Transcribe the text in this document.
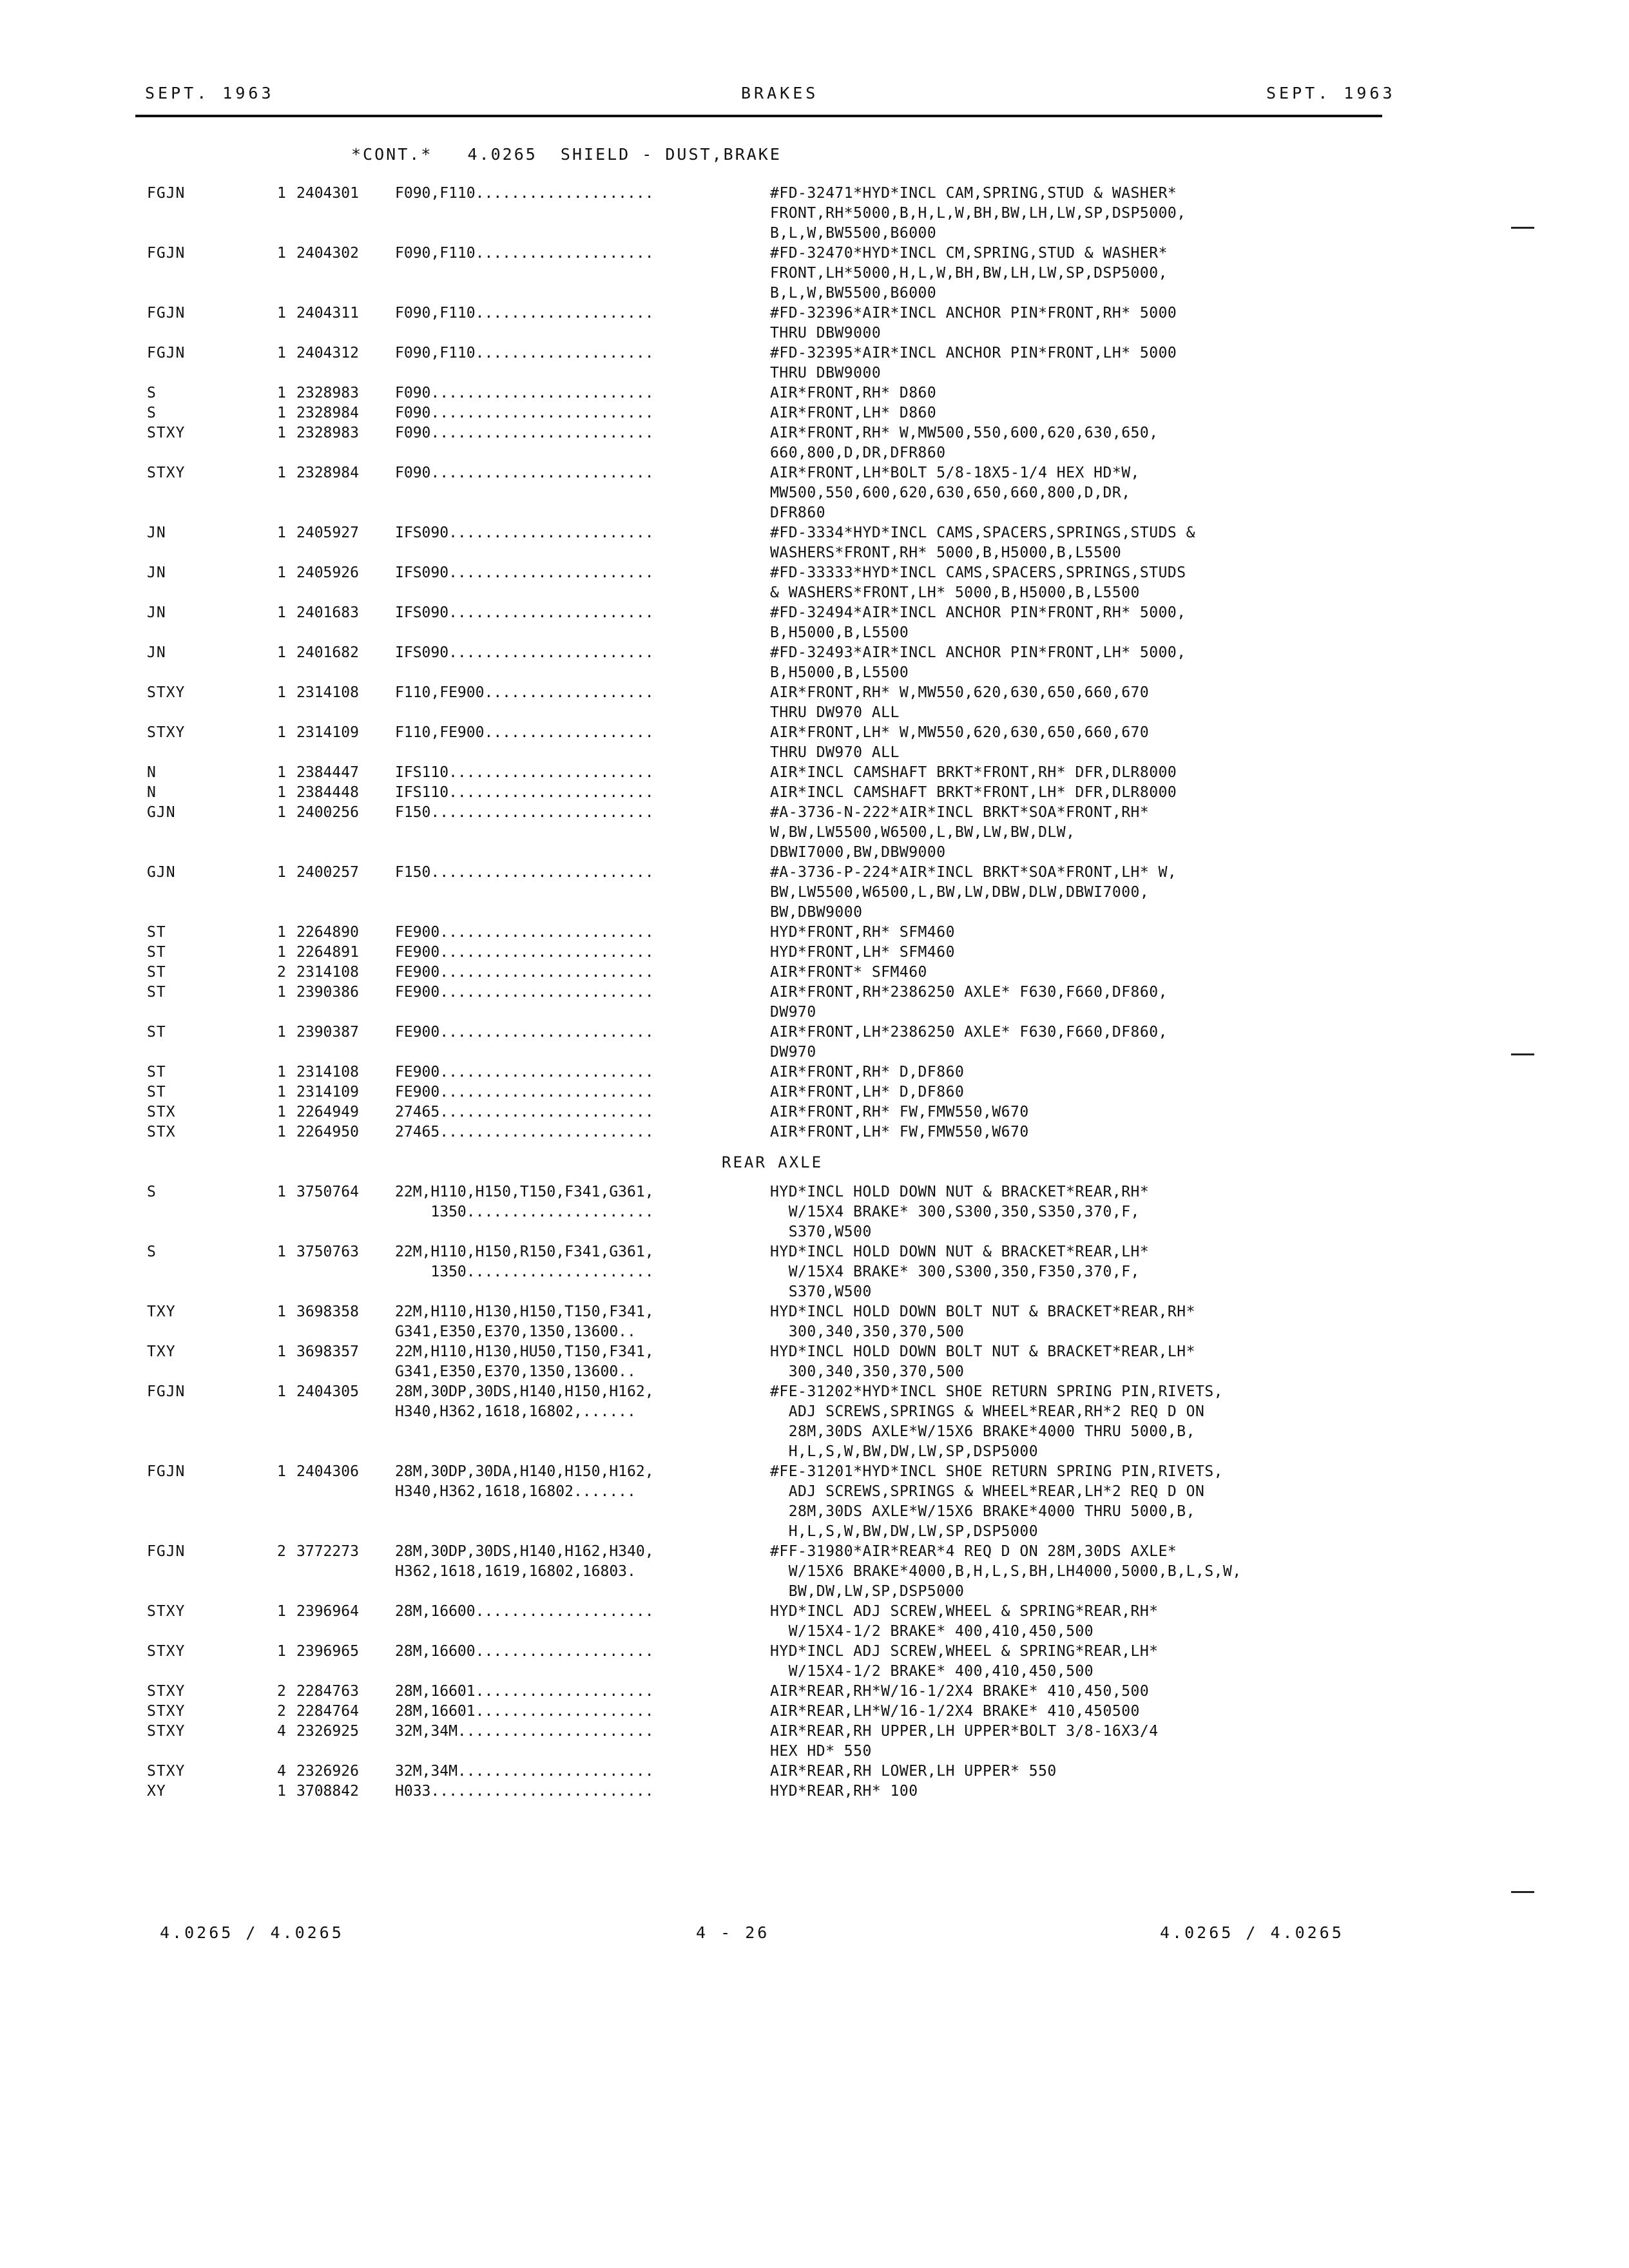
SEPT. 1963	BRAKES	SEPT. 1963
*CONT.*   4.0265  SHIELD - DUST,BRAKE
FGJN	1 2404301 F090,F110....................	#FD-32471*HYD*INCL CAM,SPRING,STUD & WASHER*
FRONT,RH*5000,B,H,L,W,BH,BW,LH,LW,SP,DSP5000,
B,L,W,BW5500,B6000
FGJN	1 2404302 F090,F110....................	#FD-32470*HYD*INCL CM,SPRING,STUD & WASHER*
FRONT,LH*5000,H,L,W,BH,BW,LH,LW,SP,DSP5000,
B,L,W,BW5500,B6000
FGJN	1 2404311 F090,F110....................	#FD-32396*AIR*INCL ANCHOR PIN*FRONT,RH* 5000
THRU DBW9000
FGJN	1 2404312 F090,F110....................	#FD-32395*AIR*INCL ANCHOR PIN*FRONT,LH* 5000
THRU DBW9000
S	1 2328983 F090.........................	AIR*FRONT,RH* D860
S	1 2328984 F090.........................	AIR*FRONT,LH* D860
STXY	1 2328983 F090.........................	AIR*FRONT,RH* W,MW500,550,600,620,630,650,
660,800,D,DR,DFR860
STXY	1 2328984 F090.........................	AIR*FRONT,LH*BOLT 5/8-18X5-1/4 HEX HD*W,
MW500,550,600,620,630,650,660,800,D,DR,
DFR860
JN	1 2405927 IFS090.......................	#FD-3334*HYD*INCL CAMS,SPACERS,SPRINGS,STUDS &
WASHERS*FRONT,RH* 5000,B,H5000,B,L5500
JN	1 2405926 IFS090.......................	#FD-33333*HYD*INCL CAMS,SPACERS,SPRINGS,STUDS
& WASHERS*FRONT,LH* 5000,B,H5000,B,L5500
JN	1 2401683 IFS090.......................	#FD-32494*AIR*INCL ANCHOR PIN*FRONT,RH* 5000,
B,H5000,B,L5500
JN	1 2401682 IFS090.......................	#FD-32493*AIR*INCL ANCHOR PIN*FRONT,LH* 5000,
B,H5000,B,L5500
STXY	1 2314108 F110,FE900...................	AIR*FRONT,RH* W,MW550,620,630,650,660,670
THRU DW970 ALL
STXY	1 2314109 F110,FE900...................	AIR*FRONT,LH* W,MW550,620,630,650,660,670
THRU DW970 ALL
N	1 2384447 IFS110.......................	AIR*INCL CAMSHAFT BRKT*FRONT,RH* DFR,DLR8000
N	1 2384448 IFS110.......................	AIR*INCL CAMSHAFT BRKT*FRONT,LH* DFR,DLR8000
GJN	1 2400256 F150.........................	#A-3736-N-222*AIR*INCL BRKT*SOA*FRONT,RH*
W,BW,LW5500,W6500,L,BW,LW,BW,DLW,
DBWI7000,BW,DBW9000
GJN	1 2400257 F150.........................	#A-3736-P-224*AIR*INCL BRKT*SOA*FRONT,LH* W,
BW,LW5500,W6500,L,BW,LW,DBW,DLW,DBWI7000,
BW,DBW9000
ST	1 2264890 FE900........................	HYD*FRONT,RH* SFM460
ST	1 2264891 FE900........................	HYD*FRONT,LH* SFM460
ST	2 2314108 FE900........................	AIR*FRONT* SFM460
ST	1 2390386 FE900........................	AIR*FRONT,RH*2386250 AXLE* F630,F660,DF860,
DW970
ST	1 2390387 FE900........................	AIR*FRONT,LH*2386250 AXLE* F630,F660,DF860,
DW970
ST	1 2314108 FE900........................	AIR*FRONT,RH* D,DF860
ST	1 2314109 FE900........................	AIR*FRONT,LH* D,DF860
STX	1 2264949 27465........................	AIR*FRONT,RH* FW,FMW550,W670
STX	1 2264950 27465........................	AIR*FRONT,LH* FW,FMW550,W670
REAR AXLE
S	1 3750764 22M,H110,H150,T150,F341,G361,	HYD*INCL HOLD DOWN NUT & BRACKET*REAR,RH*
1350.....................	W/15X4 BRAKE* 300,S300,350,S350,370,F,
S370,W500
S	1 3750763 22M,H110,H150,R150,F341,G361,	HYD*INCL HOLD DOWN NUT & BRACKET*REAR,LH*
1350.....................	W/15X4 BRAKE* 300,S300,350,F350,370,F,
S370,W500
TXY	1 3698358 22M,H110,H130,H150,T150,F341,	HYD*INCL HOLD DOWN BOLT NUT & BRACKET*REAR,RH*
G341,E350,E370,1350,13600..	300,340,350,370,500
TXY	1 3698357 22M,H110,H130,HU50,T150,F341,	HYD*INCL HOLD DOWN BOLT NUT & BRACKET*REAR,LH*
G341,E350,E370,1350,13600..	300,340,350,370,500
FGJN	1 2404305 28M,30DP,30DS,H140,H150,H162,	#FE-31202*HYD*INCL SHOE RETURN SPRING PIN,RIVETS,
H340,H362,1618,16802,......	ADJ SCREWS,SPRINGS & WHEEL*REAR,RH*2 REQ D ON
28M,30DS AXLE*W/15X6 BRAKE*4000 THRU 5000,B,
H,L,S,W,BW,DW,LW,SP,DSP5000
FGJN	1 2404306 28M,30DP,30DA,H140,H150,H162,	#FE-31201*HYD*INCL SHOE RETURN SPRING PIN,RIVETS,
H340,H362,1618,16802.......	ADJ SCREWS,SPRINGS & WHEEL*REAR,LH*2 REQ D ON
28M,30DS AXLE*W/15X6 BRAKE*4000 THRU 5000,B,
H,L,S,W,BW,DW,LW,SP,DSP5000
FGJN	2 3772273 28M,30DP,30DS,H140,H162,H340,	#FF-31980*AIR*REAR*4 REQ D ON 28M,30DS AXLE*
H362,1618,1619,16802,16803.	W/15X6 BRAKE*4000,B,H,L,S,BH,LH4000,5000,B,L,S,W,
BW,DW,LW,SP,DSP5000
STXY	1 2396964 28M,16600....................	HYD*INCL ADJ SCREW,WHEEL & SPRING*REAR,RH*
W/15X4-1/2 BRAKE* 400,410,450,500
STXY	1 2396965 28M,16600....................	HYD*INCL ADJ SCREW,WHEEL & SPRING*REAR,LH*
W/15X4-1/2 BRAKE* 400,410,450,500
STXY	2 2284763 28M,16601....................	AIR*REAR,RH*W/16-1/2X4 BRAKE* 410,450,500
STXY	2 2284764 28M,16601....................	AIR*REAR,LH*W/16-1/2X4 BRAKE* 410,450500
STXY	4 2326925 32M,34M......................	AIR*REAR,RH UPPER,LH UPPER*BOLT 3/8-16X3/4
HEX HD* 550
STXY	4 2326926 32M,34M......................	AIR*REAR,RH LOWER,LH UPPER* 550
XY	1 3708842 H033.........................	HYD*REAR,RH* 100
4.0265 / 4.0265	4 - 26	4.0265 / 4.0265
